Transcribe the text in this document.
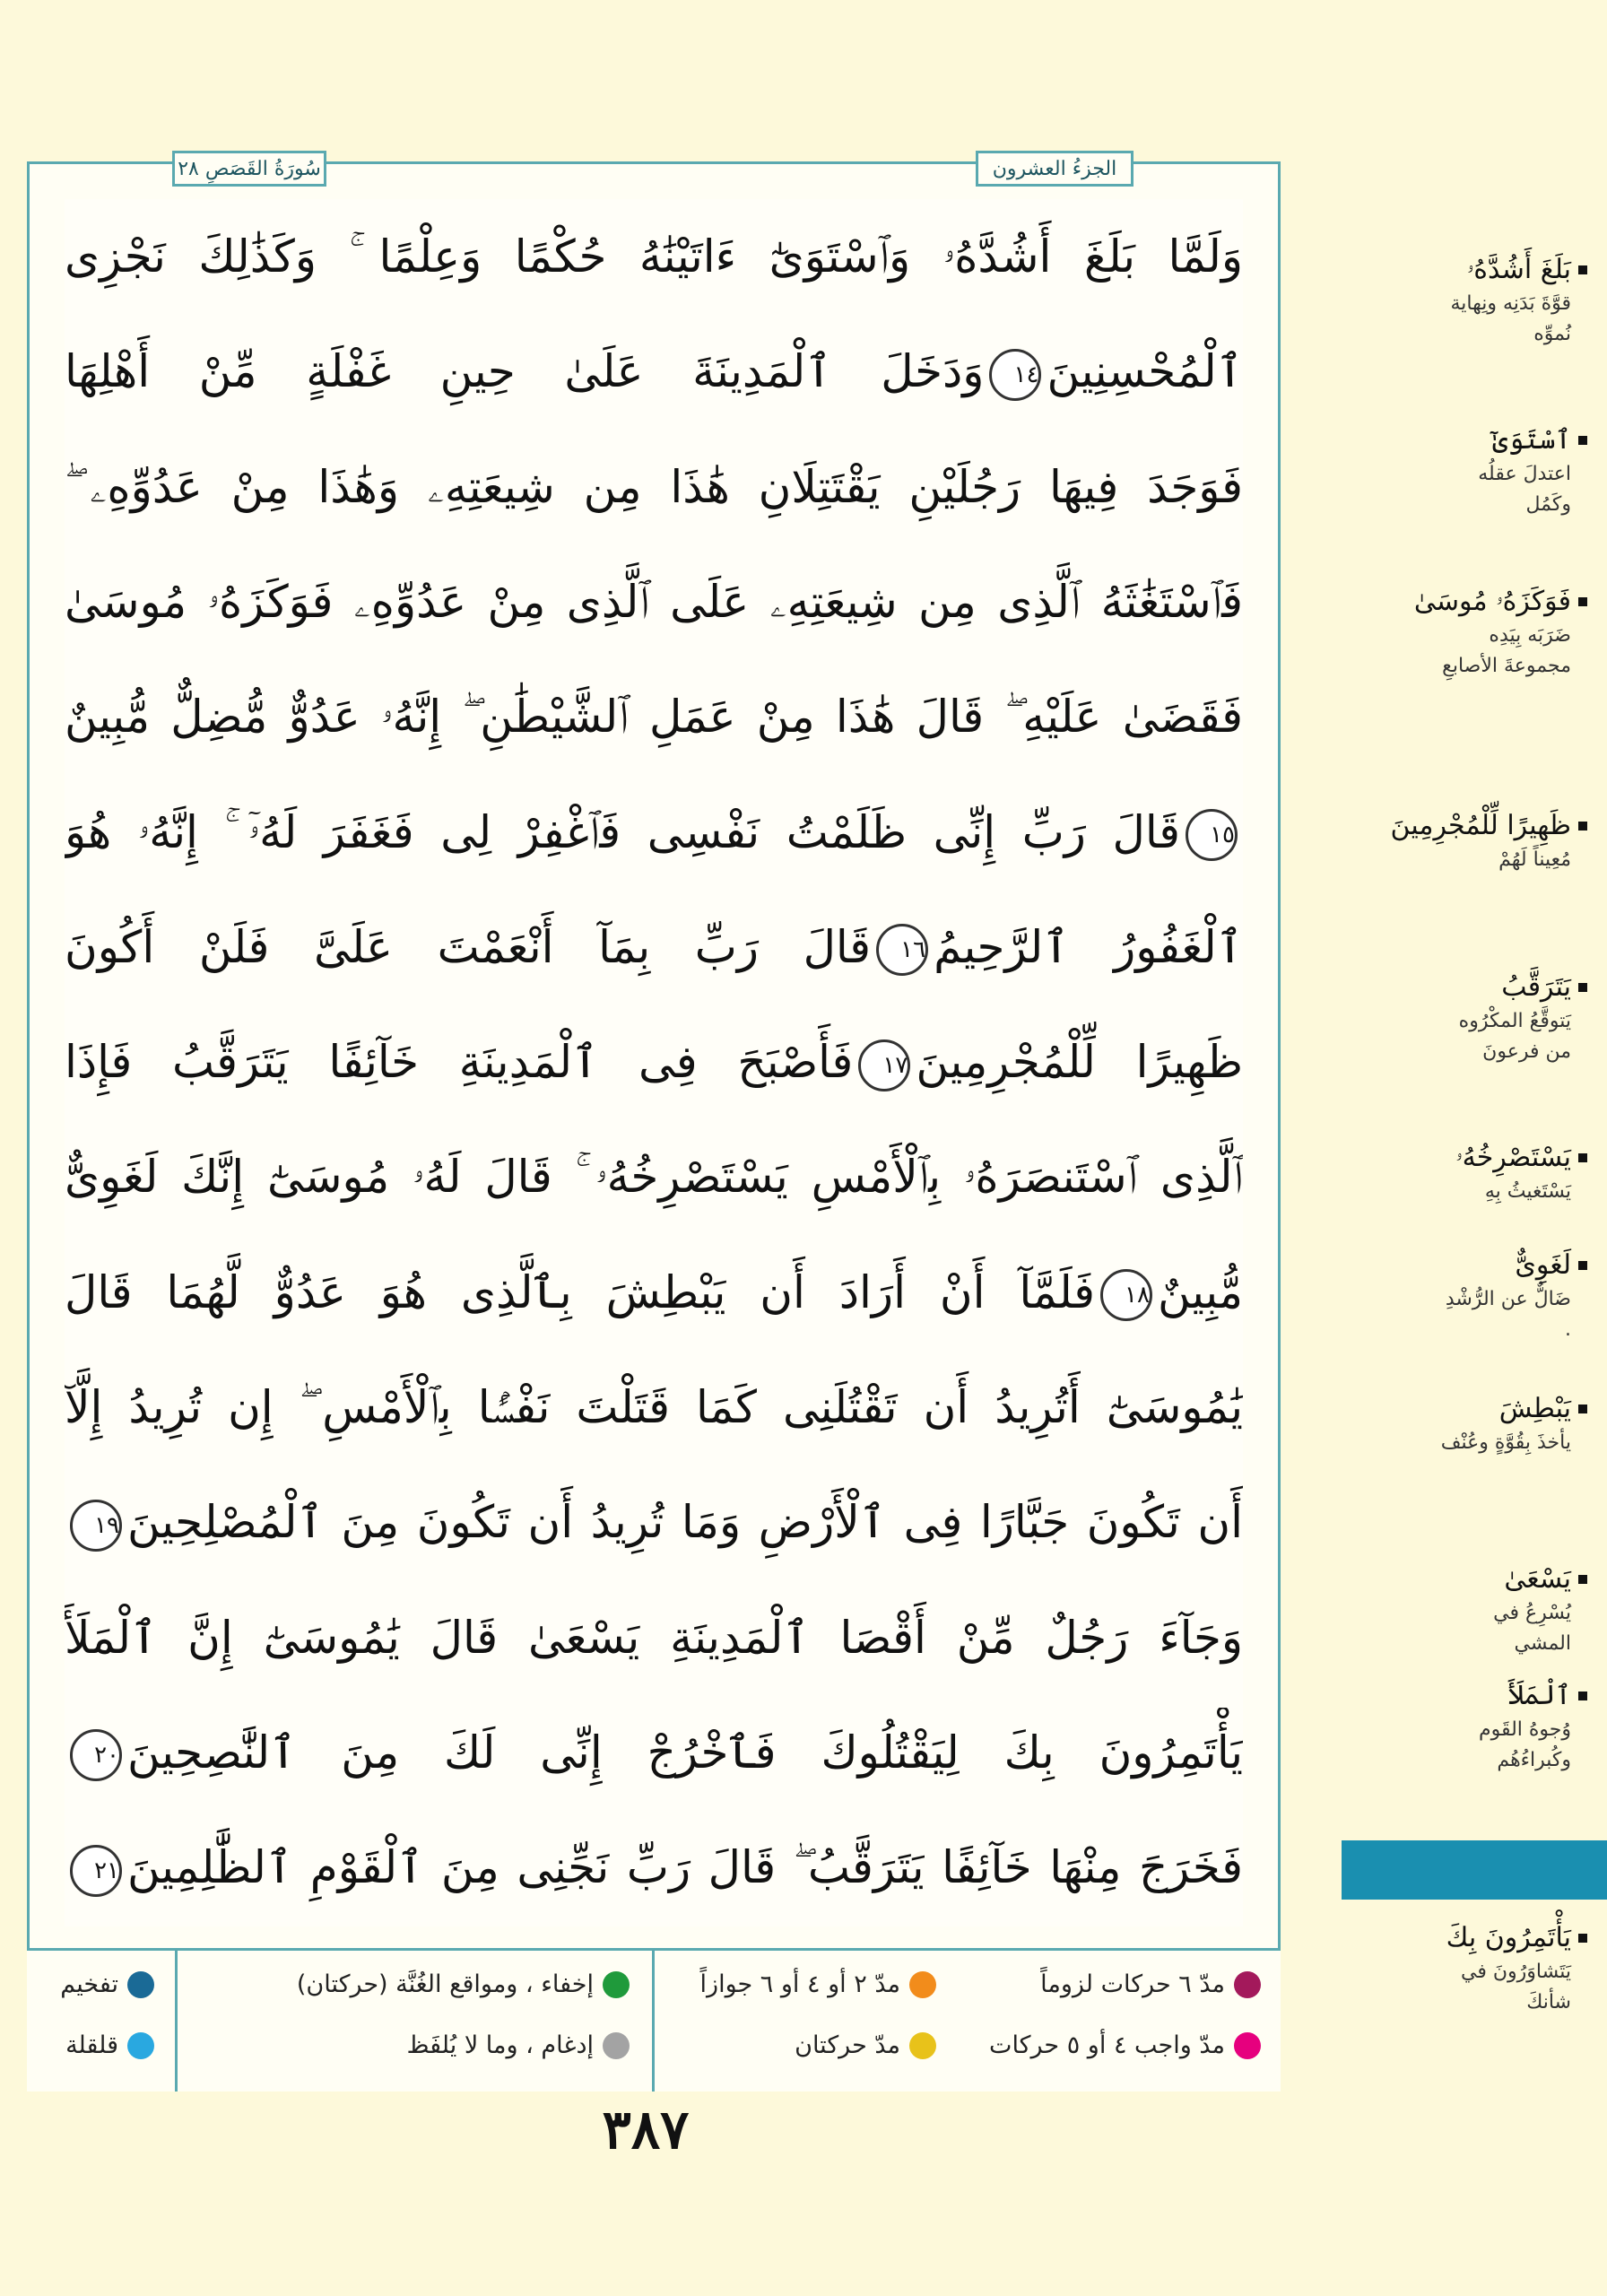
سُورَةُ القَصَصِ ٢٨	الجزءُ العشرون
وَلَمَّا بَلَغَ أَشُدَّهُۥ وَٱسْتَوَىٰٓ ءَاتَيْنَٰهُ حُكْمًا وَعِلْمًا ۚ وَكَذَٰلِكَ نَجْزِى
ٱلْمُحْسِنِينَ١٤وَدَخَلَ ٱلْمَدِينَةَ عَلَىٰ حِينِ غَفْلَةٍ مِّنْ أَهْلِهَا
فَوَجَدَ فِيهَا رَجُلَيْنِ يَقْتَتِلَانِ هَٰذَا مِن شِيعَتِهِۦ وَهَٰذَا مِنْ عَدُوِّهِۦ ۖ
فَٱسْتَغَٰثَهُ ٱلَّذِى مِن شِيعَتِهِۦ عَلَى ٱلَّذِى مِنْ عَدُوِّهِۦ فَوَكَزَهُۥ مُوسَىٰ
فَقَضَىٰ عَلَيْهِ ۖ قَالَ هَٰذَا مِنْ عَمَلِ ٱلشَّيْطَٰنِ ۖ إِنَّهُۥ عَدُوٌّ مُّضِلٌّ مُّبِينٌ
١٥قَالَ رَبِّ إِنِّى ظَلَمْتُ نَفْسِى فَٱغْفِرْ لِى فَغَفَرَ لَهُۥٓ ۚ إِنَّهُۥ هُوَ
ٱلْغَفُورُ ٱلرَّحِيمُ١٦قَالَ رَبِّ بِمَآ أَنْعَمْتَ عَلَىَّ فَلَنْ أَكُونَ
ظَهِيرًا لِّلْمُجْرِمِينَ١٧فَأَصْبَحَ فِى ٱلْمَدِينَةِ خَآئِفًا يَتَرَقَّبُ فَإِذَا
ٱلَّذِى ٱسْتَنصَرَهُۥ بِٱلْأَمْسِ يَسْتَصْرِخُهُۥ ۚ قَالَ لَهُۥ مُوسَىٰٓ إِنَّكَ لَغَوِىٌّ
مُّبِينٌ١٨فَلَمَّآ أَنْ أَرَادَ أَن يَبْطِشَ بِٱلَّذِى هُوَ عَدُوٌّ لَّهُمَا قَالَ
يَٰمُوسَىٰٓ أَتُرِيدُ أَن تَقْتُلَنِى كَمَا قَتَلْتَ نَفْسًۢا بِٱلْأَمْسِ ۖ إِن تُرِيدُ إِلَّآ
أَن تَكُونَ جَبَّارًا فِى ٱلْأَرْضِ وَمَا تُرِيدُ أَن تَكُونَ مِنَ ٱلْمُصْلِحِينَ١٩
وَجَآءَ رَجُلٌ مِّنْ أَقْصَا ٱلْمَدِينَةِ يَسْعَىٰ قَالَ يَٰمُوسَىٰٓ إِنَّ ٱلْمَلَأَ
يَأْتَمِرُونَ بِكَ لِيَقْتُلُوكَ فَٱخْرُجْ إِنِّى لَكَ مِنَ ٱلنَّٰصِحِينَ٢٠
فَخَرَجَ مِنْهَا خَآئِفًا يَتَرَقَّبُ ۖ قَالَ رَبِّ نَجِّنِى مِنَ ٱلْقَوْمِ ٱلظَّٰلِمِينَ٢١
مدّ ٦ حركات لزوماً
مدّ واجب ٤ أو ٥ حركات
مدّ ٢ أو ٤ أو ٦ جوازاً
مدّ حركتان
إخفاء ، ومواقع الغُنَّة (حركتان)
إدغام ، وما لا يُلفَظ
تفخيم
قلقلة
٣٨٧
بَلَغَ أَشُدَّهُۥ
قوَّةَ بَدَنِه ونِهاية نُموِّه
ٱسْتَوَىٰٓ
اعتدلَ عقلُه وكَمُل
فَوَكَزَهُۥ مُوسَىٰ
ضَرَبَه بِيَدِه مجموعةَ الأصابعِ
ظَهِيرًا لِّلْمُجْرِمِينَ
مُعِيناً لَهُمْ
يَتَرَقَّبُ
يَتوقَّعُ المكْرُوه من فرعونَ
يَسْتَصْرِخُهُۥ
يَسْتَغيثُ بِهِ
لَغَوِىٌّ
ضَالٌّ عن الرُّشْدِ .
يَبْطِشَ
يأخذَ بِقُوَّةٍ وعُنْف
يَسْعَىٰ
يُسْرِعُ في المشي
ٱلْمَلَأَ
وُجوهُ القَوم وكُبراءُهُم
يَأْتَمِرُونَ بِكَ
يَتَشاوَرُونَ في شأنكَ
